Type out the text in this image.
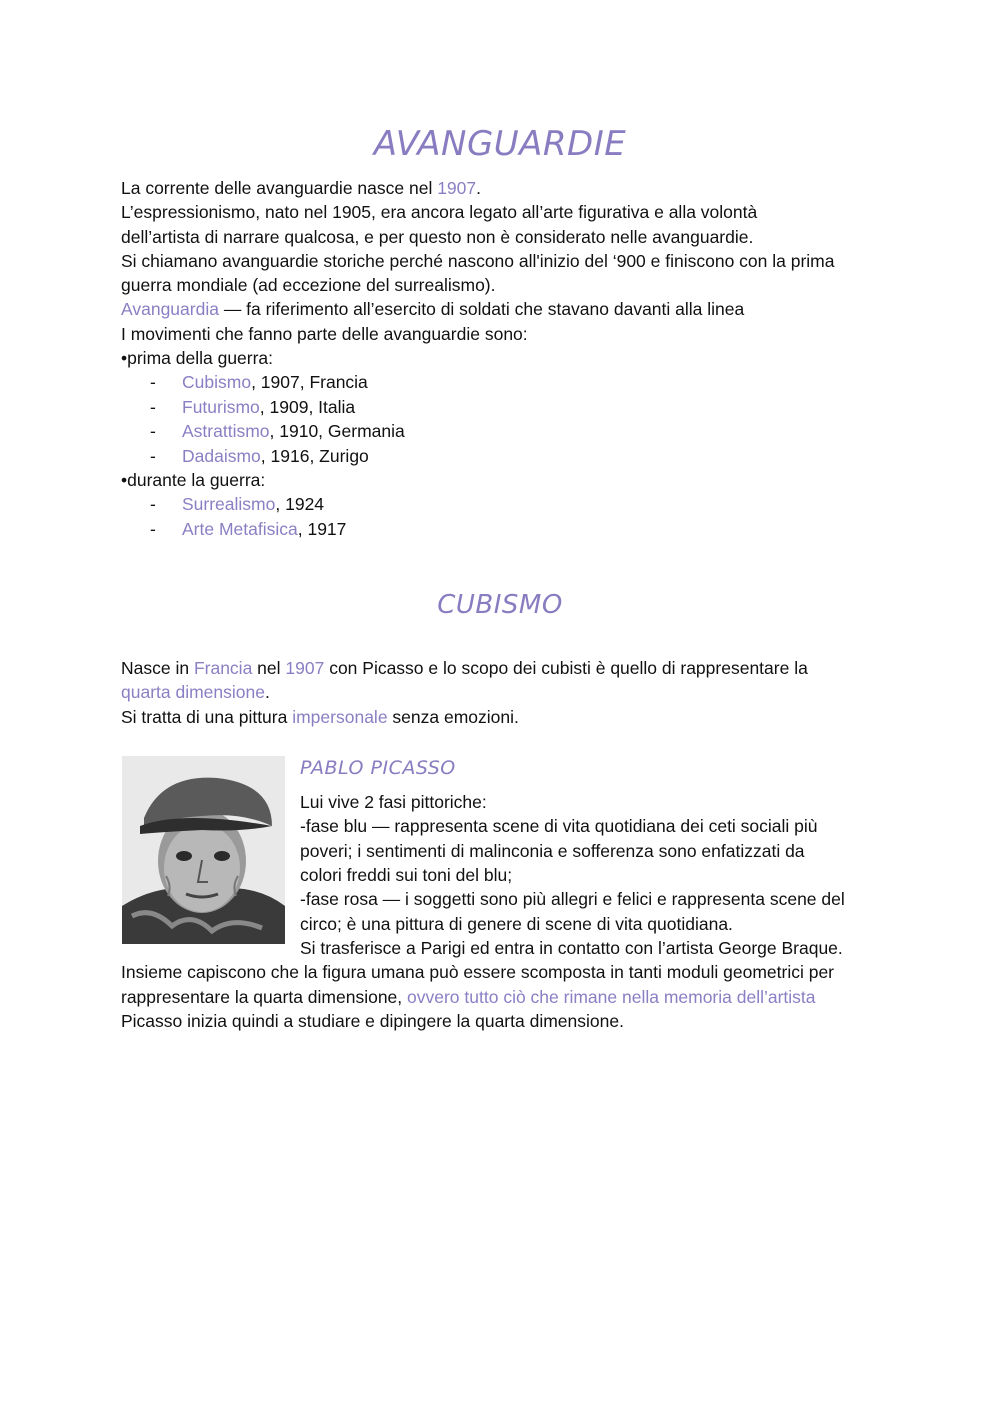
AVANGUARDIE
La corrente delle avanguardie nasce nel 1907.
L’espressionismo, nato nel 1905, era ancora legato all’arte figurativa e alla volontà
dell’artista di narrare qualcosa, e per questo non è considerato nelle avanguardie.
Si chiamano avanguardie storiche perché nascono all'inizio del ‘900 e finiscono con la prima
guerra mondiale (ad eccezione del surrealismo).
Avanguardia — fa riferimento all’esercito di soldati che stavano davanti alla linea
I movimenti che fanno parte delle avanguardie sono:
•prima della guerra:
- Cubismo, 1907, Francia
- Futurismo, 1909, Italia
- Astrattismo, 1910, Germania
- Dadaismo, 1916, Zurigo
•durante la guerra:
- Surrealismo, 1924
- Arte Metafisica, 1917
CUBISMO
Nasce in Francia nel 1907 con Picasso e lo scopo dei cubisti è quello di rappresentare la
quarta dimensione.
Si tratta di una pittura impersonale senza emozioni.
PABLO PICASSO
Lui vive 2 fasi pittoriche:
-fase blu — rappresenta scene di vita quotidiana dei ceti sociali più
poveri; i sentimenti di malinconia e sofferenza sono enfatizzati da
colori freddi sui toni del blu;
-fase rosa — i soggetti sono più allegri e felici e rappresenta scene del
circo; è una pittura di genere di scene di vita quotidiana.
Si trasferisce a Parigi ed entra in contatto con l’artista George Braque.
Insieme capiscono che la figura umana può essere scomposta in tanti moduli geometrici per
rappresentare la quarta dimensione, ovvero tutto ciò che rimane nella memoria dell’artista
Picasso inizia quindi a studiare e dipingere la quarta dimensione.
